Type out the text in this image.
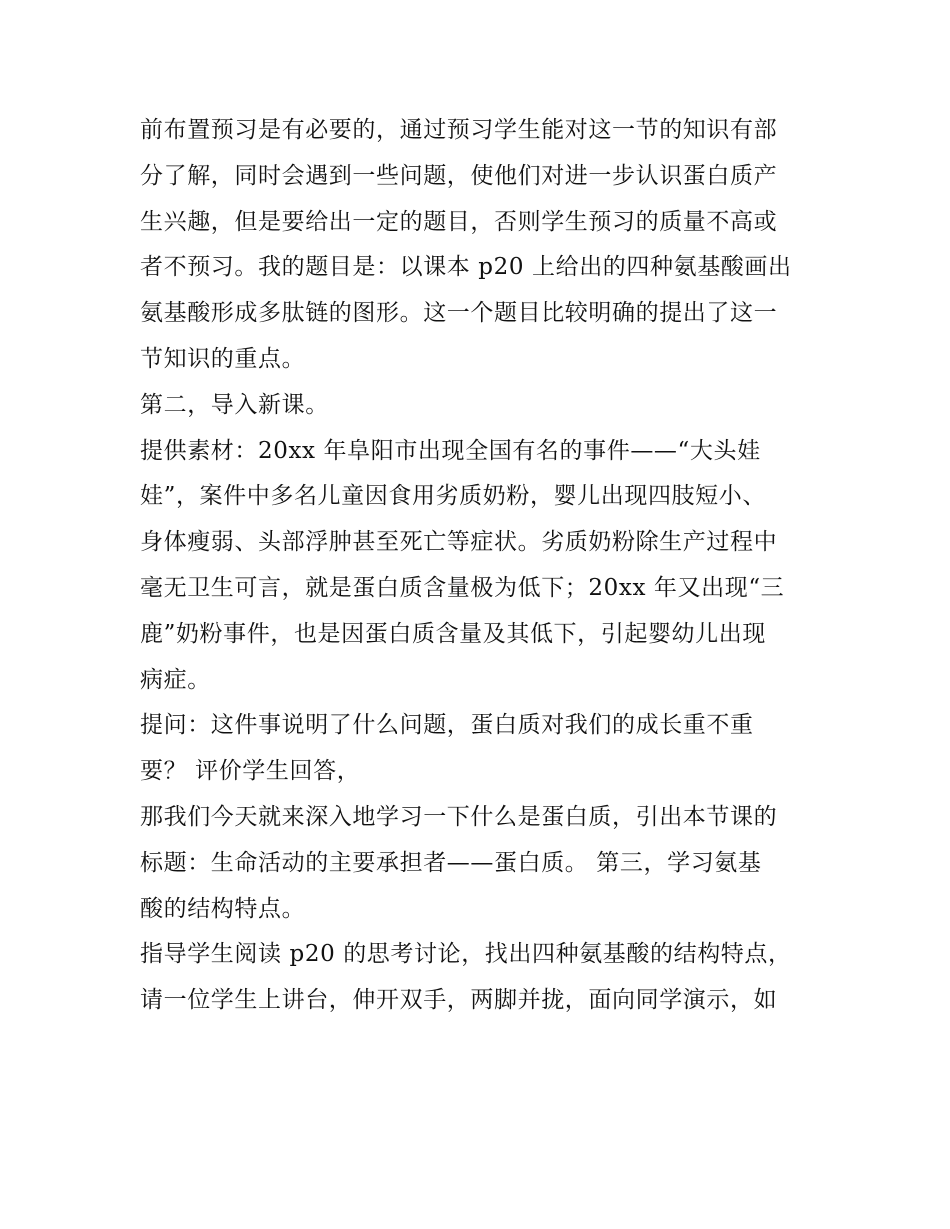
前布置预习是有必要的，通过预习学生能对这一节的知识有部
分了解，同时会遇到一些问题，使他们对进一步认识蛋白质产
生兴趣，但是要给出一定的题目，否则学生预习的质量不高或
者不预习。我的题目是：以课本 p20 上给出的四种氨基酸画出
氨基酸形成多肽链的图形。这一个题目比较明确的提出了这一
节知识的重点。
第二，导入新课。
提供素材：20xx 年阜阳市出现全国有名的事件——“大头娃
娃”，案件中多名儿童因食用劣质奶粉，婴儿出现四肢短小、
身体瘦弱、头部浮肿甚至死亡等症状。劣质奶粉除生产过程中
毫无卫生可言，就是蛋白质含量极为低下；20xx 年又出现“三
鹿”奶粉事件，也是因蛋白质含量及其低下，引起婴幼儿出现
病症。
提问：这件事说明了什么问题，蛋白质对我们的成长重不重
要？ 评价学生回答，
那我们今天就来深入地学习一下什么是蛋白质，引出本节课的
标题：生命活动的主要承担者——蛋白质。 第三，学习氨基
酸的结构特点。
指导学生阅读 p20 的思考讨论，找出四种氨基酸的结构特点，
请一位学生上讲台，伸开双手，两脚并拢，面向同学演示，如
